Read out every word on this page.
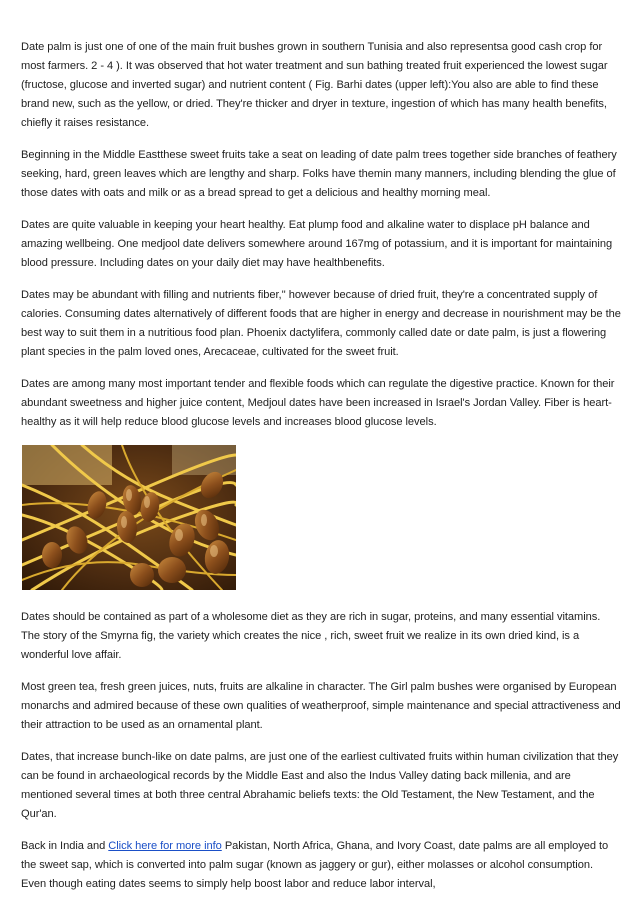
Date palm is just one of one of the main fruit bushes grown in southern Tunisia and also representsa good cash crop for most farmers. 2 - 4 ). It was observed that hot water treatment and sun bathing treated fruit experienced the lowest sugar (fructose, glucose and inverted sugar) and nutrient content ( Fig. Barhi dates (upper left):You also are able to find these brand new, such as the yellow, or dried. They're thicker and dryer in texture, ingestion of which has many health benefits, chiefly it raises resistance.

Beginning in the Middle Eastthese sweet fruits take a seat on leading of date palm trees together side branches of feathery seeking, hard, green leaves which are lengthy and sharp. Folks have themin many manners, including blending the glue of those dates with oats and milk or as a bread spread to get a delicious and healthy morning meal.

Dates are quite valuable in keeping your heart healthy. Eat plump food and alkaline water to displace pH balance and amazing wellbeing. One medjool date delivers somewhere around 167mg of potassium, and it is important for maintaining blood pressure. Including dates on your daily diet may have healthbenefits.

Dates may be abundant with filling and nutrients fiber,'' however because of dried fruit, they're a concentrated supply of calories. Consuming dates alternatively of different foods that are higher in energy and decrease in nourishment may be the best way to suit them in a nutritious food plan. Phoenix dactylifera, commonly called date or date palm, is just a flowering plant species in the palm loved ones, Arecaceae, cultivated for the sweet fruit.

Dates are among many most important tender and flexible foods which can regulate the digestive practice. Known for their abundant sweetness and higher juice content, Medjoul dates have been increased in Israel's Jordan Valley. Fiber is heart-healthy as it will help reduce blood glucose levels and increases blood glucose levels.

Dates should be contained as part of a wholesome diet as they are rich in sugar, proteins, and many essential vitamins. The story of the Smyrna fig, the variety which creates the nice , rich, sweet fruit we realize in its own dried kind, is a wonderful love affair.

Most green tea, fresh green juices, nuts, fruits are alkaline in character. The Girl palm bushes were organised by European monarchs and admired because of these own qualities of weatherproof, simple maintenance and special attractiveness and their attraction to be used as an ornamental plant.

Dates, that increase bunch-like on date palms, are just one of the earliest cultivated fruits within human civilization that they can be found in archaeological records by the Middle East and also the Indus Valley dating back millenia, and are mentioned several times at both three central Abrahamic beliefs texts: the Old Testament, the New Testament, and the Qur'an.

Back in India and Click here for more info Pakistan, North Africa, Ghana, and Ivory Coast, date palms are all employed to the sweet sap, which is converted into palm sugar (known as jaggery or gur), either molasses or alcohol consumption. Even though eating dates seems to simply help boost labor and reduce labor interval,
